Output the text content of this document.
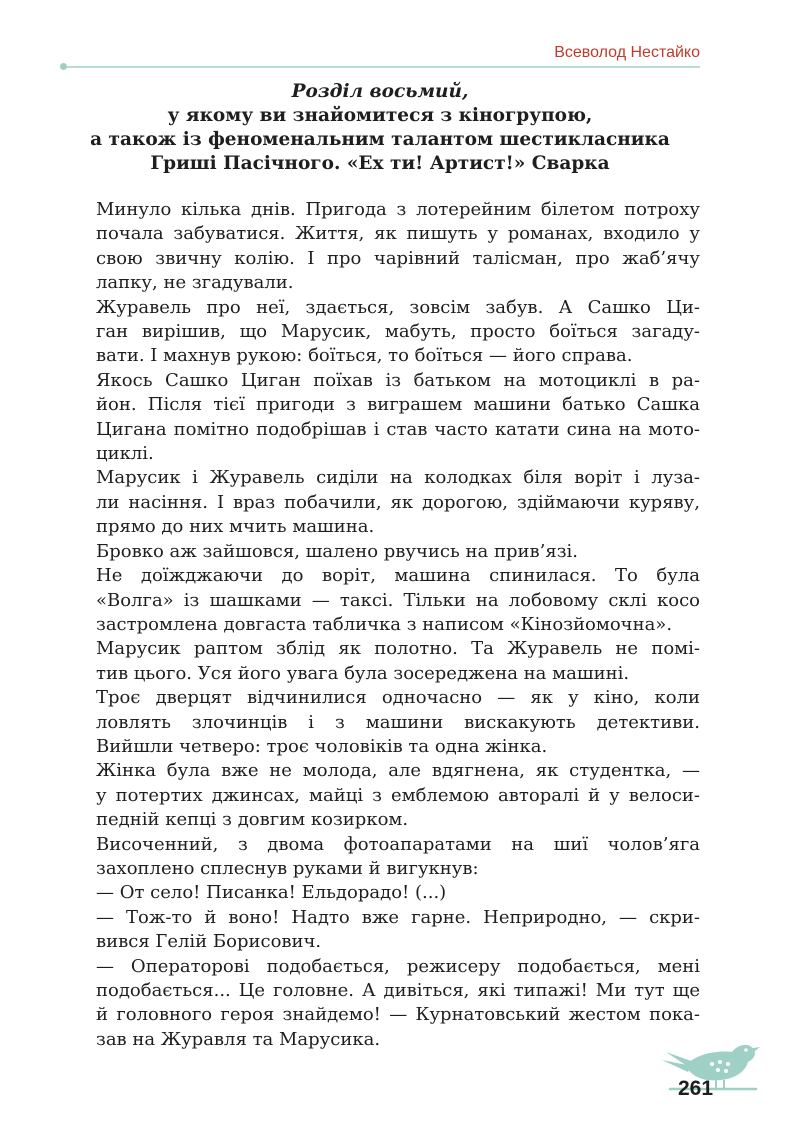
Всеволод Нестайко
Розділ восьмий,
у якому ви знайомитеся з кіногрупою,
а також із феноменальним талантом шестикласника
Гриші Пасічного. «Ех ти! Артист!» Сварка
Минуло кілька днів. Пригода з лотерейним білетом потроху
почала забуватися. Життя, як пишуть у романах, входило у
свою звичну колію. І про чарівний талісман, про жаб’ячу
лапку, не згадували.
Журавель про неї, здається, зовсім забув. А Сашко Ци-
ган вирішив, що Марусик, мабуть, просто боїться загаду-
вати. І махнув рукою: боїться, то боїться — його справа.
Якось Сашко Циган поїхав із батьком на мотоциклі в ра-
йон. Після тієї пригоди з виграшем машини батько Сашка
Цигана помітно подобрішав і став часто катати сина на мото-
циклі.
Марусик і Журавель сиділи на колодках біля воріт і луза-
ли насіння. І враз побачили, як дорогою, здіймаючи куряву,
прямо до них мчить машина.
Бровко аж зайшовся, шалено рвучись на прив’язі.
Не доїжджаючи до воріт, машина спинилася. То була
«Волга» із шашками — таксі. Тільки на лобовому склі косо
застромлена довгаста табличка з написом «Кінозйомочна».
Марусик раптом зблід як полотно. Та Журавель не помі-
тив цього. Уся його увага була зосереджена на машині.
Троє дверцят відчинилися одночасно — як у кіно, коли
ловлять злочинців і з машини вискакують детективи.
Вийшли четверо: троє чоловіків та одна жінка.
Жінка була вже не молода, але вдягнена, як студентка, —
у потертих джинсах, майці з емблемою авторалі й у велоси-
педній кепці з довгим козирком.
Височенний, з двома фотоапаратами на шиї чолов’яга
захоплено сплеснув руками й вигукнув:
— От село! Писанка! Ельдорадо! (...)
— Тож-то й воно! Надто вже гарне. Неприродно, — скри-
вився Гелій Борисович.
— Операторові подобається, режисеру подобається, мені
подобається... Це головне. А дивіться, які типажі! Ми тут ще
й головного героя знайдемо! — Курнатовський жестом пока-
зав на Журавля та Марусика.
261
